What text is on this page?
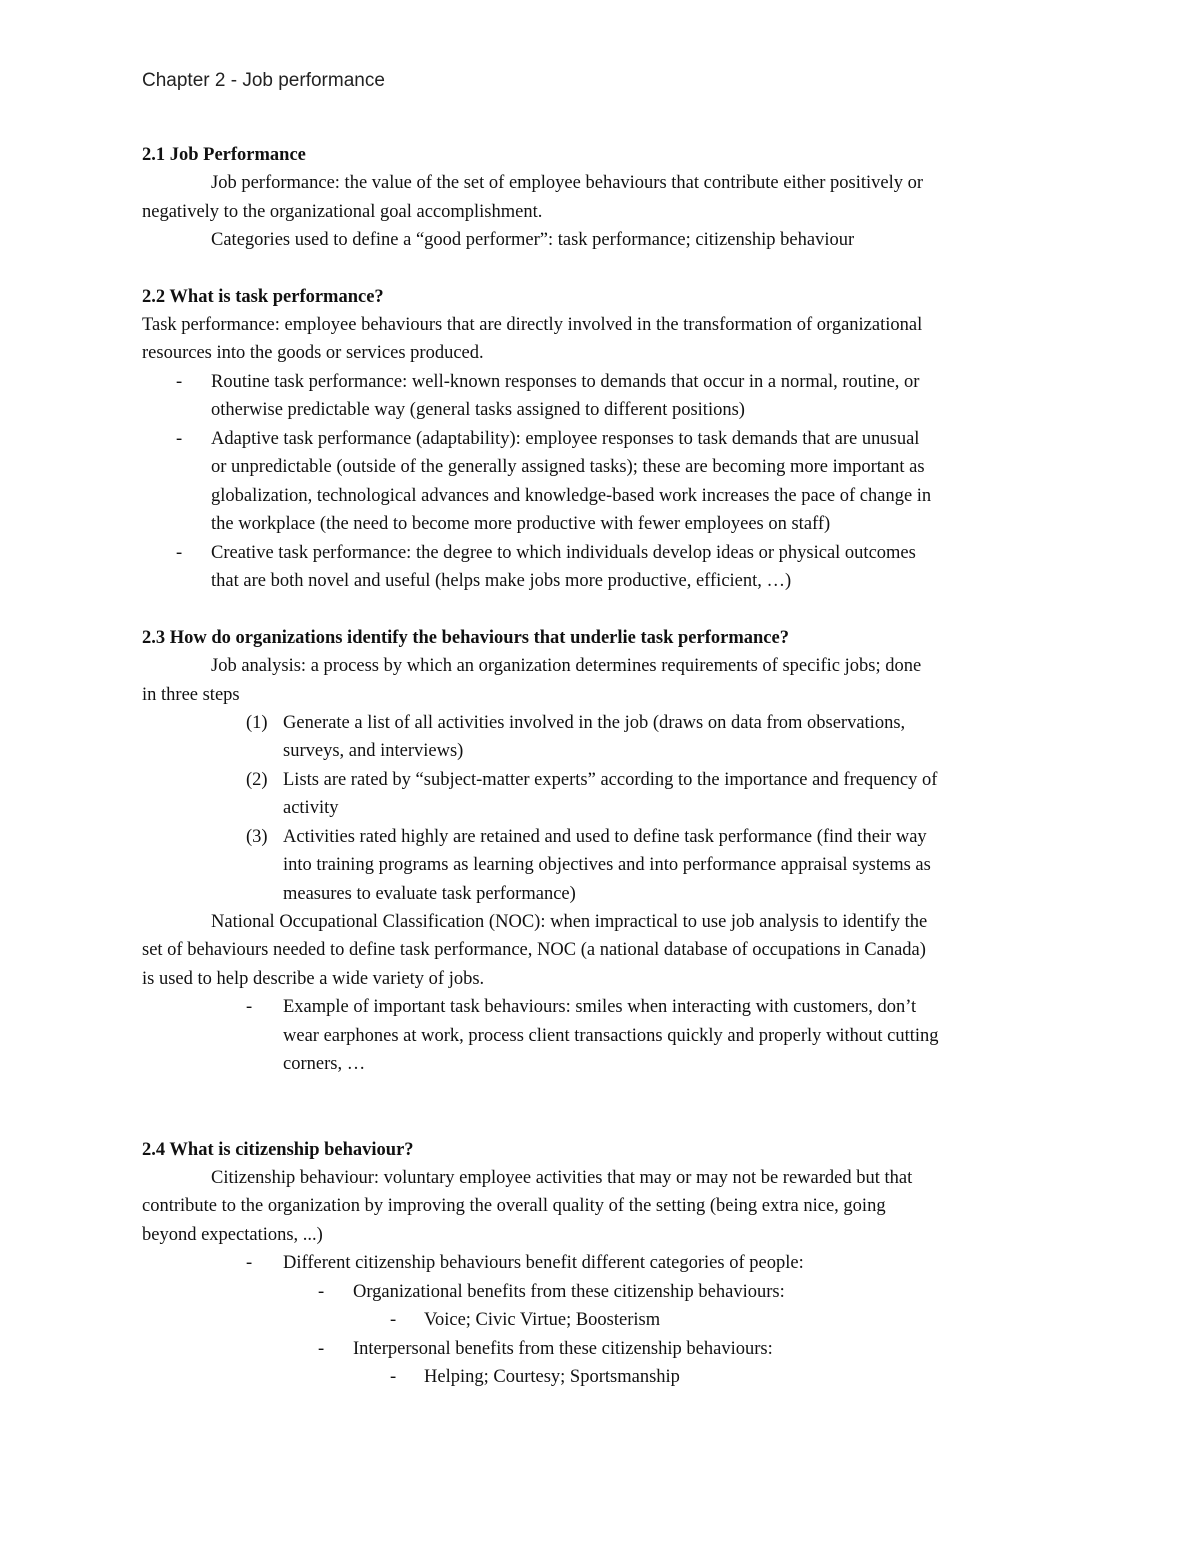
Chapter 2 - Job performance
2.1 Job Performance
Job performance: the value of the set of employee behaviours that contribute either positively or
negatively to the organizational goal accomplishment.
Categories used to define a “good performer”: task performance; citizenship behaviour
2.2 What is task performance?
Task performance: employee behaviours that are directly involved in the transformation of organizational
resources into the goods or services produced.
- Routine task performance: well-known responses to demands that occur in a normal, routine, or
otherwise predictable way (general tasks assigned to different positions)
- Adaptive task performance (adaptability): employee responses to task demands that are unusual
or unpredictable (outside of the generally assigned tasks); these are becoming more important as
globalization, technological advances and knowledge-based work increases the pace of change in
the workplace (the need to become more productive with fewer employees on staff)
- Creative task performance: the degree to which individuals develop ideas or physical outcomes
that are both novel and useful (helps make jobs more productive, efficient, …)
2.3 How do organizations identify the behaviours that underlie task performance?
Job analysis: a process by which an organization determines requirements of specific jobs; done
in three steps
(1) Generate a list of all activities involved in the job (draws on data from observations,
surveys, and interviews)
(2) Lists are rated by “subject-matter experts” according to the importance and frequency of
activity
(3) Activities rated highly are retained and used to define task performance (find their way
into training programs as learning objectives and into performance appraisal systems as
measures to evaluate task performance)
National Occupational Classification (NOC): when impractical to use job analysis to identify the
set of behaviours needed to define task performance, NOC (a national database of occupations in Canada)
is used to help describe a wide variety of jobs.
- Example of important task behaviours: smiles when interacting with customers, don’t
wear earphones at work, process client transactions quickly and properly without cutting
corners, …
2.4 What is citizenship behaviour?
Citizenship behaviour: voluntary employee activities that may or may not be rewarded but that
contribute to the organization by improving the overall quality of the setting (being extra nice, going
beyond expectations, ...)
- Different citizenship behaviours benefit different categories of people:
- Organizational benefits from these citizenship behaviours:
- Voice; Civic Virtue; Boosterism
- Interpersonal benefits from these citizenship behaviours:
- Helping; Courtesy; Sportsmanship
